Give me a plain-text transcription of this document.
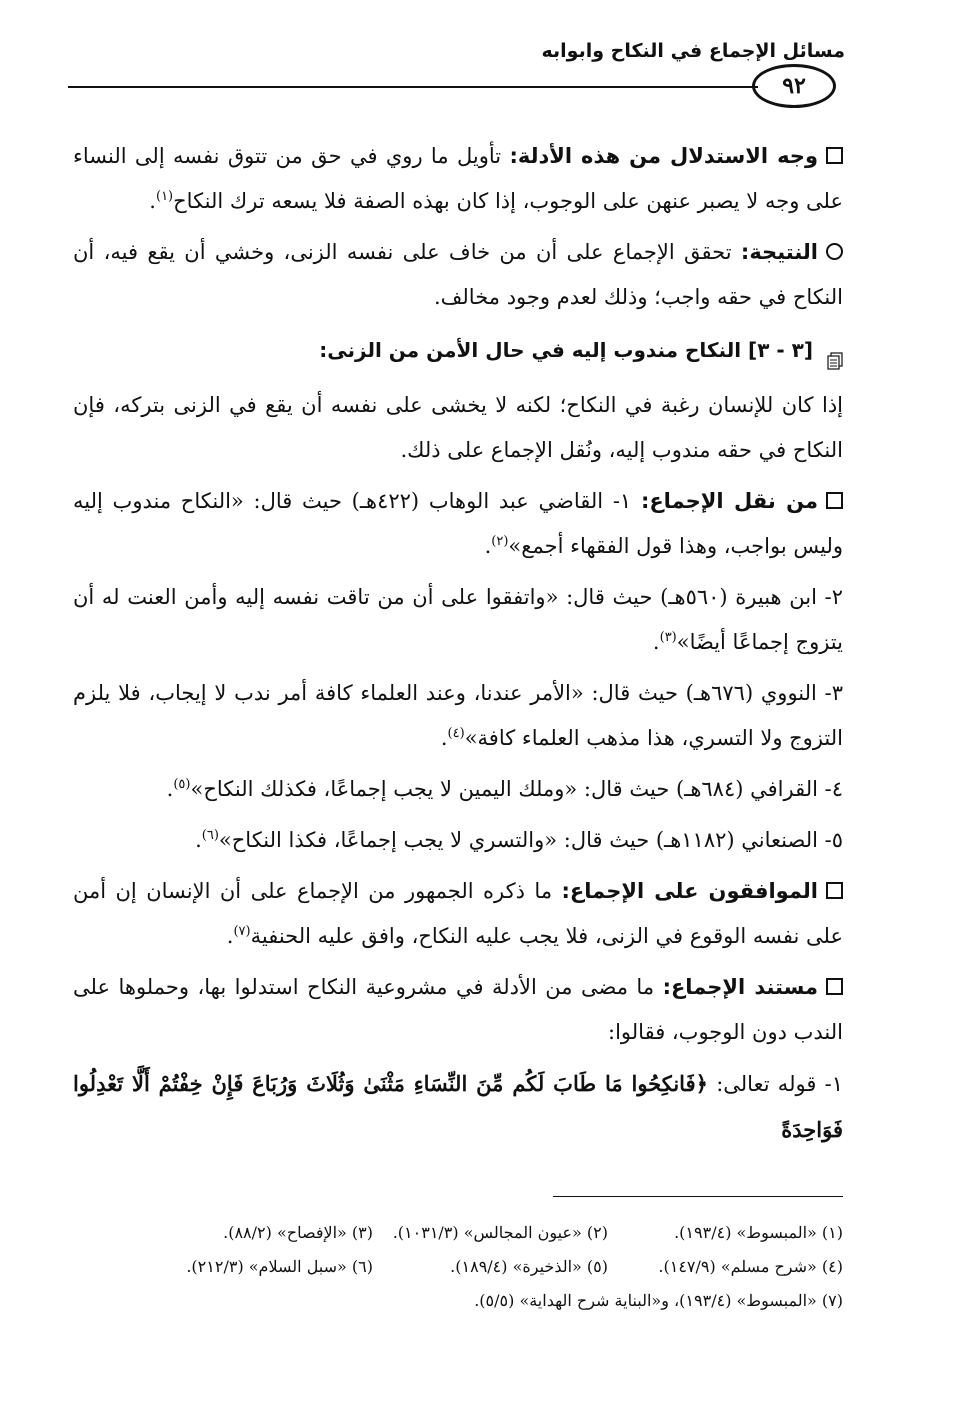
مسائل الإجماع في النكاح وابوابه
٩٢

وجه الاستدلال من هذه الأدلة: تأويل ما روي في حق من تتوق نفسه إلى النساء على وجه لا يصبر عنهن على الوجوب، إذا كان بهذه الصفة فلا يسعه ترك النكاح$^{(١)}$.

النتيجة: تحقق الإجماع على أن من خاف على نفسه الزنى، وخشي أن يقع فيه، أن النكاح في حقه واجب؛ وذلك لعدم وجود مخالف.

[٣ - ٣] النكاح مندوب إليه في حال الأمن من الزنى:

إذا كان للإنسان رغبة في النكاح؛ لكنه لا يخشى على نفسه أن يقع في الزنى بتركه، فإن النكاح في حقه مندوب إليه، ونُقل الإجماع على ذلك.

من نقل الإجماع: ١- القاضي عبد الوهاب (٤٢٢هـ) حيث قال: «النكاح مندوب إليه وليس بواجب، وهذا قول الفقهاء أجمع»$^{(٢)}$.

٢- ابن هبيرة (٥٦٠هـ) حيث قال: «واتفقوا على أن من تاقت نفسه إليه وأمن العنت له أن يتزوج إجماعًا أيضًا»$^{(٣)}$.

٣- النووي (٦٧٦هـ) حيث قال: «الأمر عندنا، وعند العلماء كافة أمر ندب لا إيجاب، فلا يلزم التزوج ولا التسري، هذا مذهب العلماء كافة»$^{(٤)}$.

٤- القرافي (٦٨٤هـ) حيث قال: «وملك اليمين لا يجب إجماعًا، فكذلك النكاح»$^{(٥)}$.

٥- الصنعاني (١١٨٢هـ) حيث قال: «والتسري لا يجب إجماعًا، فكذا النكاح»$^{(٦)}$.

الموافقون على الإجماع: ما ذكره الجمهور من الإجماع على أن الإنسان إن أمن على نفسه الوقوع في الزنى، فلا يجب عليه النكاح، وافق عليه الحنفية$^{(٧)}$.

مستند الإجماع: ما مضى من الأدلة في مشروعية النكاح استدلوا بها، وحملوها على الندب دون الوجوب، فقالوا:

١- قوله تعالى: ﴿فَانكِحُوا مَا طَابَ لَكُم مِّنَ النِّسَاءِ مَثْنَىٰ وَثُلَاثَ وَرُبَاعَ فَإِنْ خِفْتُمْ أَلَّا تَعْدِلُوا فَوَاحِدَةً

(١) «المبسوط» (١٩٣/٤).
(٢) «عيون المجالس» (١٠٣١/٣).
(٣) «الإفصاح» (٨٨/٢).
(٤) «شرح مسلم» (١٤٧/٩).
(٥) «الذخيرة» (١٨٩/٤).
(٦) «سبل السلام» (٢١٢/٣).
(٧) «المبسوط» (١٩٣/٤)، و«البناية شرح الهداية» (٥/٥).
